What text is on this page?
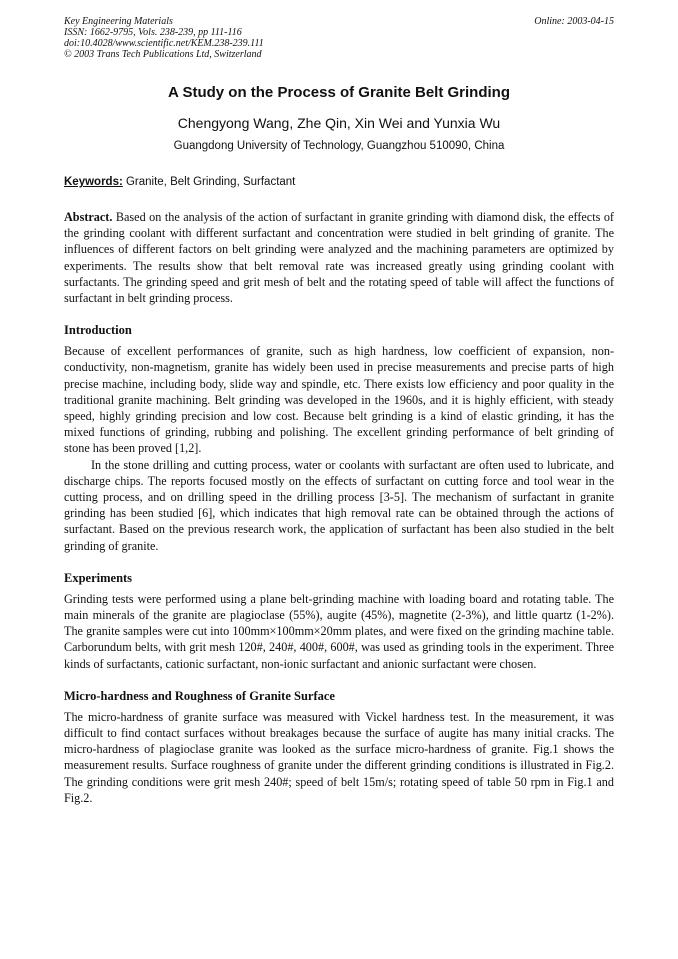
Key Engineering Materials
ISSN: 1662-9795, Vols. 238-239, pp 111-116
doi:10.4028/www.scientific.net/KEM.238-239.111
© 2003 Trans Tech Publications Ltd, Switzerland
Online: 2003-04-15
A Study on the Process of Granite Belt Grinding
Chengyong Wang, Zhe Qin, Xin Wei and Yunxia Wu
Guangdong University of Technology, Guangzhou 510090, China
Keywords: Granite, Belt Grinding, Surfactant
Abstract. Based on the analysis of the action of surfactant in granite grinding with diamond disk, the effects of the grinding coolant with different surfactant and concentration were studied in belt grinding of granite. The influences of different factors on belt grinding were analyzed and the machining parameters are optimized by experiments. The results show that belt removal rate was increased greatly using grinding coolant with surfactants. The grinding speed and grit mesh of belt and the rotating speed of table will affect the functions of surfactant in belt grinding process.
Introduction

Because of excellent performances of granite, such as high hardness, low coefficient of expansion, non-conductivity, non-magnetism, granite has widely been used in precise measurements and precise parts of high precise machine, including body, slide way and spindle, etc. There exists low efficiency and poor quality in the traditional granite machining. Belt grinding was developed in the 1960s, and it is highly efficient, with steady speed, highly grinding precision and low cost. Because belt grinding is a kind of elastic grinding, it has the mixed functions of grinding, rubbing and polishing. The excellent grinding performance of belt grinding of stone has been proved [1,2].

In the stone drilling and cutting process, water or coolants with surfactant are often used to lubricate, and discharge chips. The reports focused mostly on the effects of surfactant on cutting force and tool wear in the cutting process, and on drilling speed in the drilling process [3-5]. The mechanism of surfactant in granite grinding has been studied [6], which indicates that high removal rate can be obtained through the actions of surfactant. Based on the previous research work, the application of surfactant has been also studied in the belt grinding of granite.

Experiments

Grinding tests were performed using a plane belt-grinding machine with loading board and rotating table. The main minerals of the granite are plagioclase (55%), augite (45%), magnetite (2-3%), and little quartz (1-2%). The granite samples were cut into 100mm×100mm×20mm plates, and were fixed on the grinding machine table. Carborundum belts, with grit mesh 120#, 240#, 400#, 600#, was used as grinding tools in the experiment. Three kinds of surfactants, cationic surfactant, non-ionic surfactant and anionic surfactant were chosen.

Micro-hardness and Roughness of Granite Surface

The micro-hardness of granite surface was measured with Vickel hardness test. In the measurement, it was difficult to find contact surfaces without breakages because the surface of augite has many initial cracks. The micro-hardness of plagioclase granite was looked as the surface micro-hardness of granite. Fig.1 shows the measurement results. Surface roughness of granite under the different grinding conditions is illustrated in Fig.2. The grinding conditions were grit mesh 240#; speed of belt 15m/s; rotating speed of table 50 rpm in Fig.1 and Fig.2.
